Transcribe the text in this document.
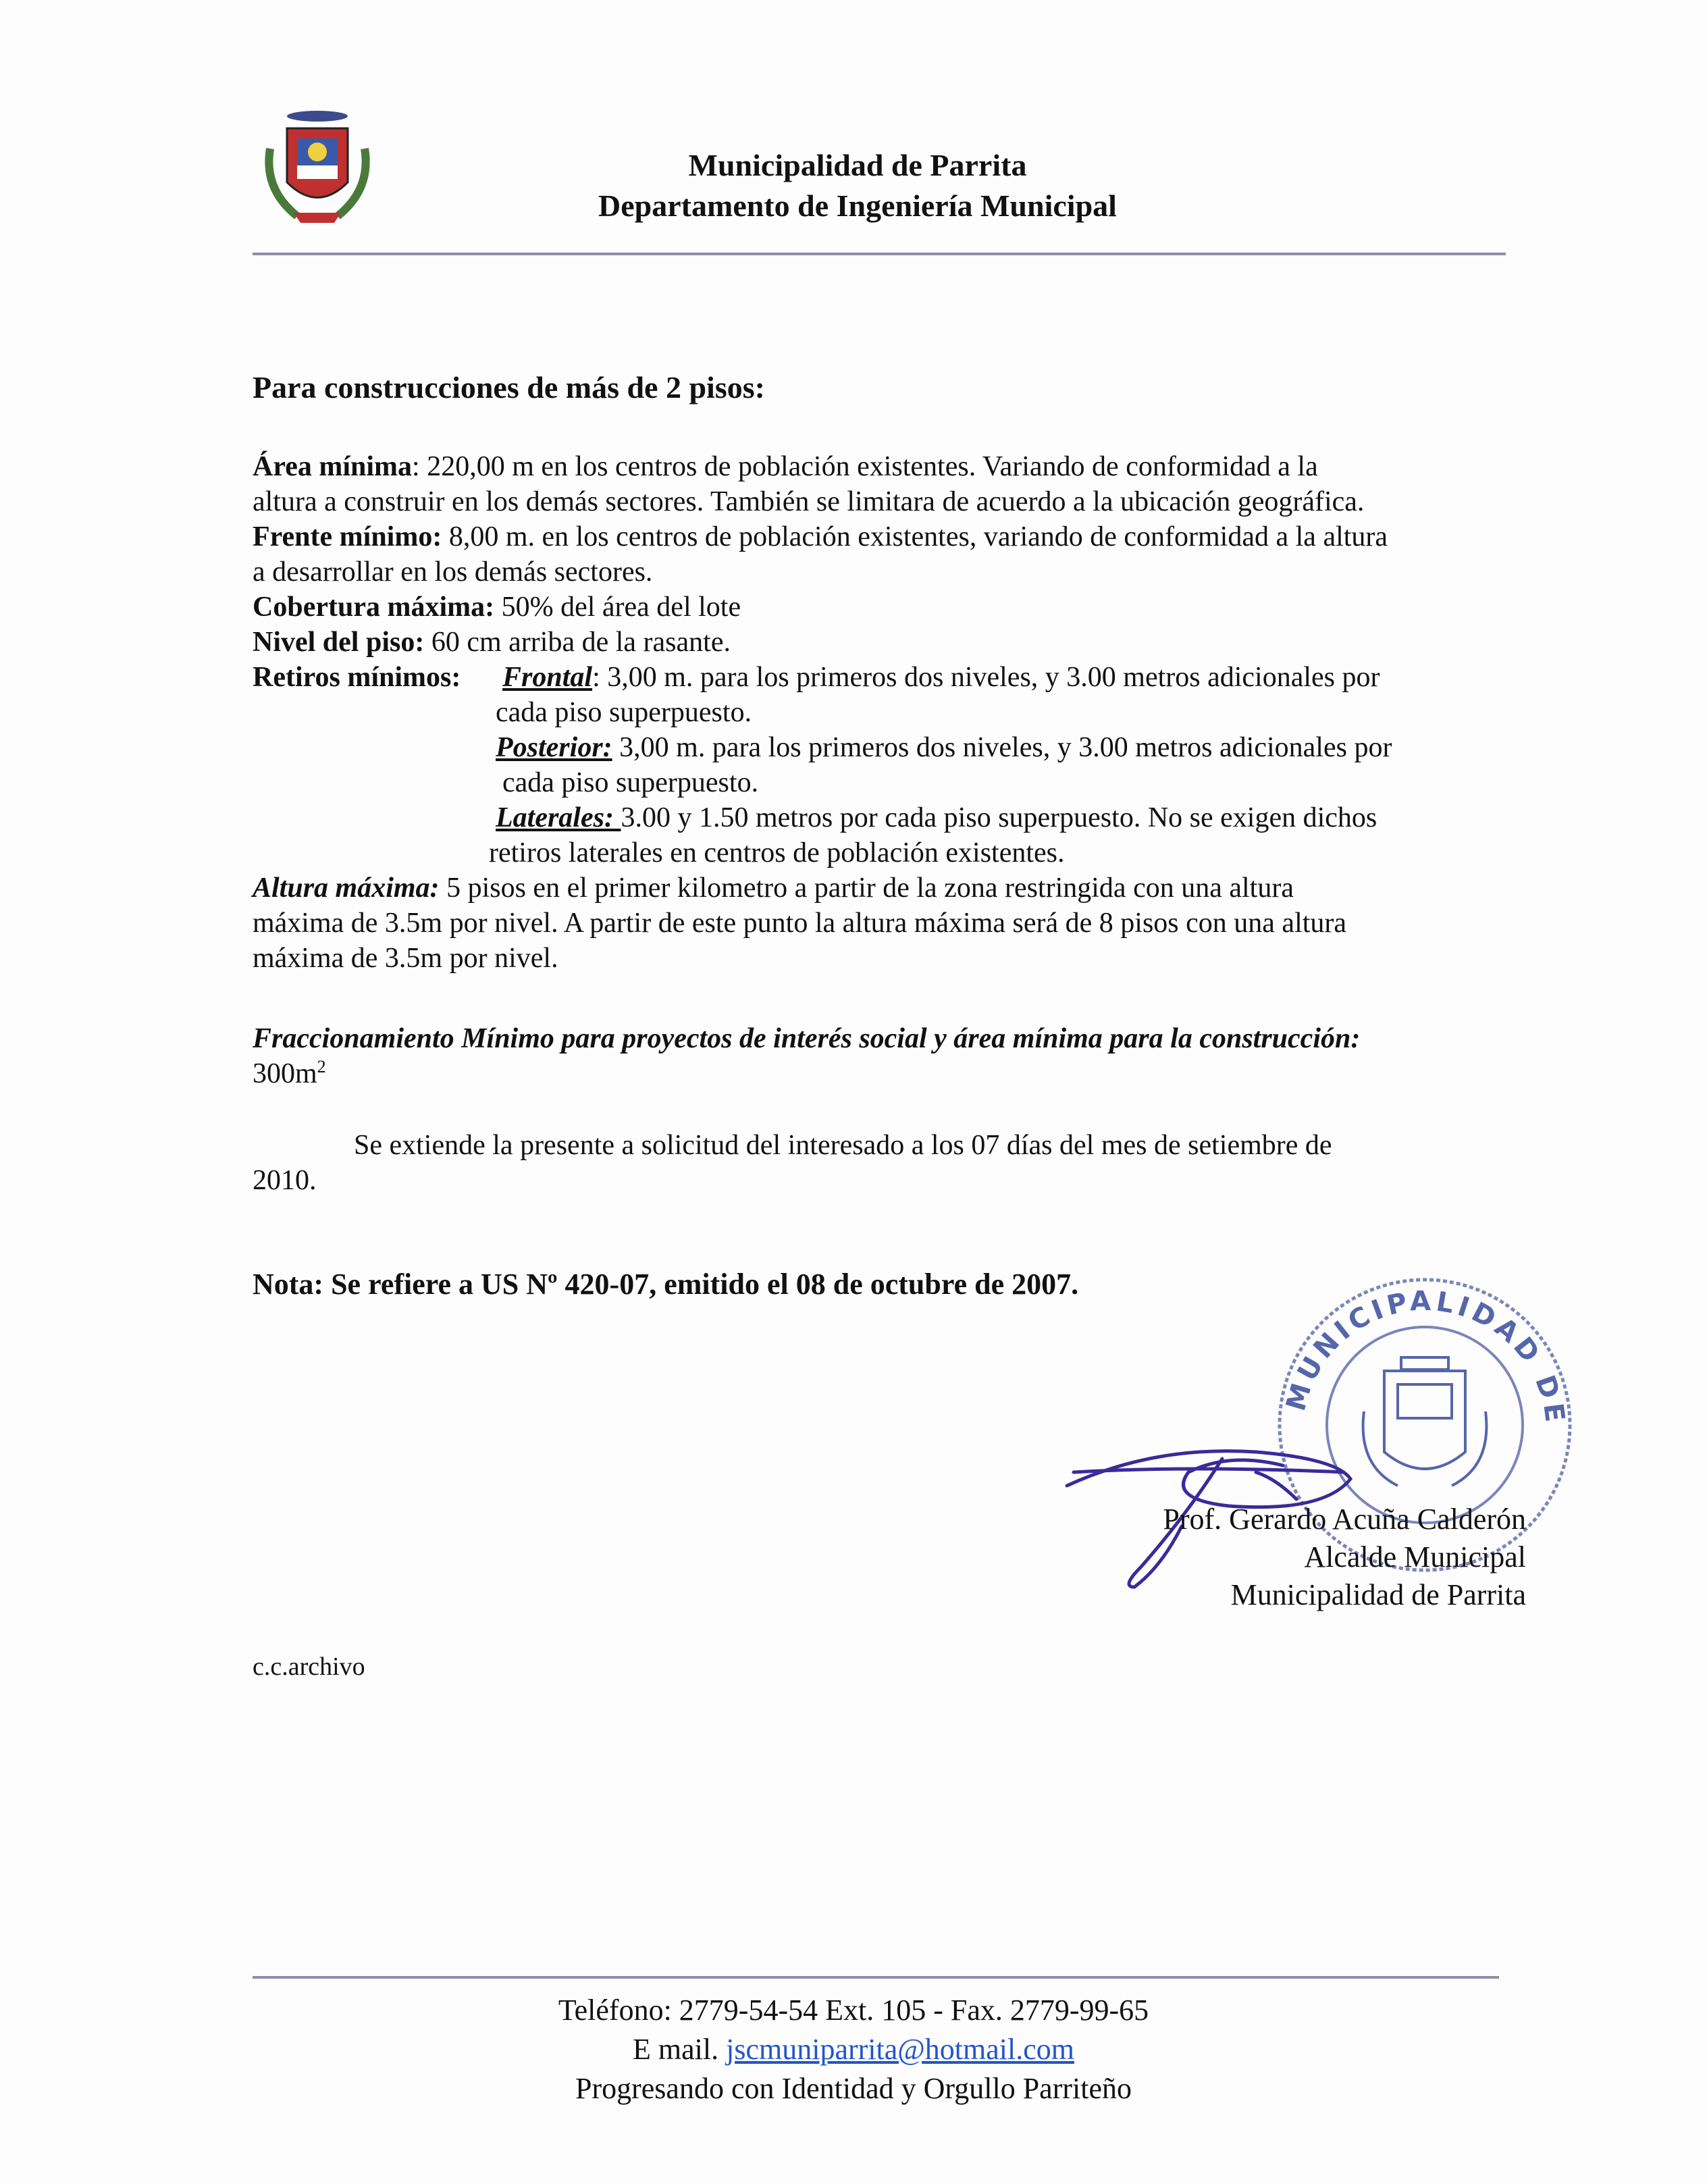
Municipalidad de Parrita
Departamento de Ingeniería Municipal
Para construcciones de más de 2 pisos:
Área mínima: 220,00 m en los centros de población existentes. Variando de conformidad a la
altura a construir en los demás sectores. También se limitara de acuerdo a la ubicación geográfica.
Frente mínimo: 8,00 m. en los centros de población existentes, variando de conformidad a la altura
a desarrollar en los demás sectores.
Cobertura máxima: 50% del área del lote
Nivel del piso: 60 cm arriba de la rasante.
Retiros mínimos: Frontal: 3,00 m. para los primeros dos niveles, y 3.00 metros adicionales por
cada piso superpuesto.
Posterior: 3,00 m. para los primeros dos niveles, y 3.00 metros adicionales por
cada piso superpuesto.
Laterales: 3.00 y 1.50 metros por cada piso superpuesto. No se exigen dichos
retiros laterales en centros de población existentes.
Altura máxima: 5 pisos en el primer kilometro a partir de la zona restringida con una altura
máxima de 3.5m por nivel. A partir de este punto la altura máxima será de 8 pisos con una altura
máxima de 3.5m por nivel.
Fraccionamiento Mínimo para proyectos de interés social y área mínima para la construcción:
$300m^2$
Se extiende la presente a solicitud del interesado a los 07 días del mes de setiembre de
2010.
Nota: Se refiere a US Nº 420-07, emitido el 08 de octubre de 2007.
MUNICIPALIDAD DE
Prof. Gerardo Acuña Calderón
Alcalde Municipal
Municipalidad de Parrita
c.c.archivo
Teléfono: 2779-54-54 Ext. 105 - Fax. 2779-99-65
E mail. jscmuniparrita@hotmail.com
Progresando con Identidad y Orgullo Parriteño
